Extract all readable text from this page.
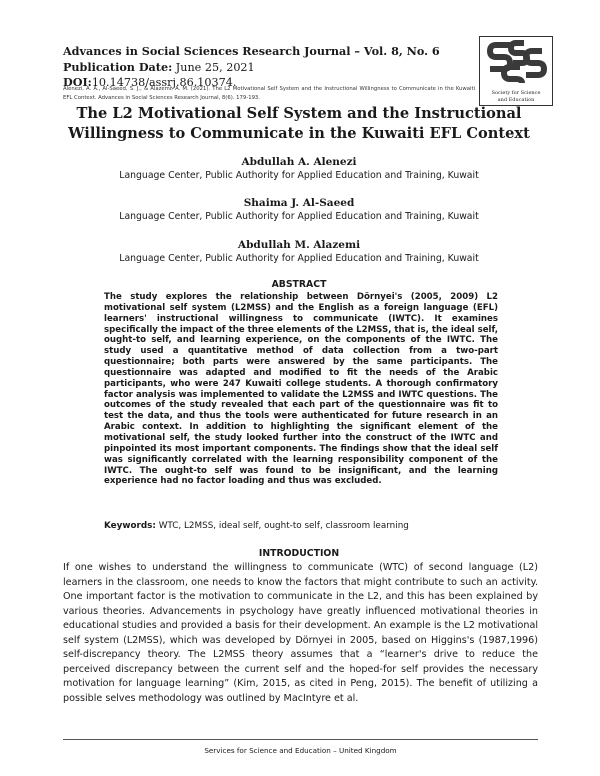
Advances in Social Sciences Research Journal – Vol. 8, No. 6
Publication Date: June 25, 2021
DOI:10.14738/assrj.86.10374.
Alenezi, A. A., Al-Saeed, S. J., & Alazemi, A. M. (2021). The L2 Motivational Self System and the Instructional Willingness to Communicate in the Kuwaiti EFL Context. Advances in Social Sciences Research Journal, 8(6). 179-193.
Society for Science
and Education
The L2 Motivational Self System and the Instructional Willingness to Communicate in the Kuwaiti EFL Context
Abdullah A. Alenezi
Language Center, Public Authority for Applied Education and Training, Kuwait
Shaima J. Al-Saeed
Language Center, Public Authority for Applied Education and Training, Kuwait
Abdullah M. Alazemi
Language Center, Public Authority for Applied Education and Training, Kuwait
ABSTRACT
The study explores the relationship between Dörnyei's (2005, 2009) L2 motivational self system (L2MSS) and the English as a foreign language (EFL) learners' instructional willingness to communicate (IWTC). It examines specifically the impact of the three elements of the L2MSS, that is, the ideal self, ought-to self, and learning experience, on the components of the IWTC. The study used a quantitative method of data collection from a two-part questionnaire; both parts were answered by the same participants. The questionnaire was adapted and modified to fit the needs of the Arabic participants, who were 247 Kuwaiti college students. A thorough confirmatory factor analysis was implemented to validate the L2MSS and IWTC questions. The outcomes of the study revealed that each part of the questionnaire was fit to test the data, and thus the tools were authenticated for future research in an Arabic context. In addition to highlighting the significant element of the motivational self, the study looked further into the construct of the IWTC and pinpointed its most important components. The findings show that the ideal self was significantly correlated with the learning responsibility component of the IWTC. The ought-to self was found to be insignificant, and the learning experience had no factor loading and thus was excluded.
Keywords: WTC, L2MSS, ideal self, ought-to self, classroom learning
INTRODUCTION
If one wishes to understand the willingness to communicate (WTC) of second language (L2) learners in the classroom, one needs to know the factors that might contribute to such an activity. One important factor is the motivation to communicate in the L2, and this has been explained by various theories. Advancements in psychology have greatly influenced motivational theories in educational studies and provided a basis for their development. An example is the L2 motivational self system (L2MSS), which was developed by Dörnyei in 2005, based on Higgins's (1987,1996) self-discrepancy theory. The L2MSS theory assumes that a “learner's drive to reduce the perceived discrepancy between the current self and the hoped-for self provides the necessary motivation for language learning” (Kim, 2015, as cited in Peng, 2015). The benefit of utilizing a possible selves methodology was outlined by MacIntyre et al.
Services for Science and Education – United Kingdom
